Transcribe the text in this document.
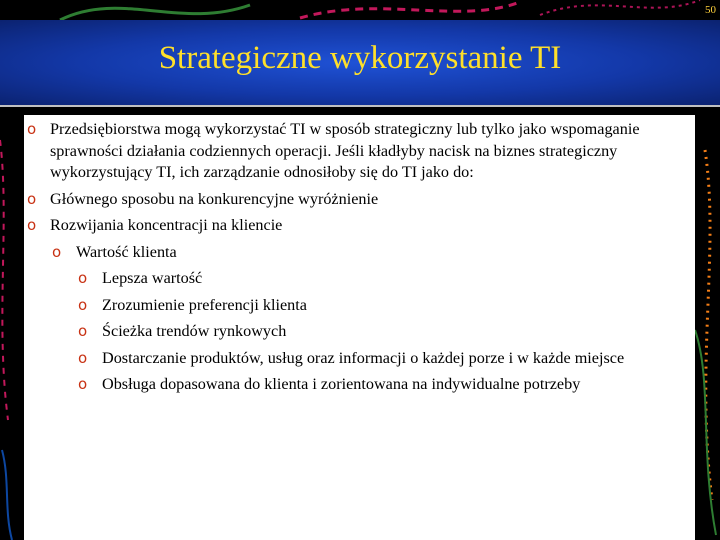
50
Strategiczne wykorzystanie TI
o Przedsiębiorstwa mogą wykorzystać TI w sposób strategiczny lub tylko jako wspomaganie sprawności działania codziennych operacji. Jeśli kładłyby nacisk na biznes strategiczny wykorzystujący TI, ich zarządzanie odnosiłoby się do TI jako do:
o Głównego sposobu na konkurencyjne wyróżnienie
o Rozwijania koncentracji na kliencie
o Wartość klienta
o Lepsza wartość
o Zrozumienie preferencji klienta
o Ścieżka trendów rynkowych
o Dostarczanie produktów, usług oraz informacji o każdej porze i w każde miejsce
o Obsługa dopasowana do klienta i zorientowana na indywidualne potrzeby
